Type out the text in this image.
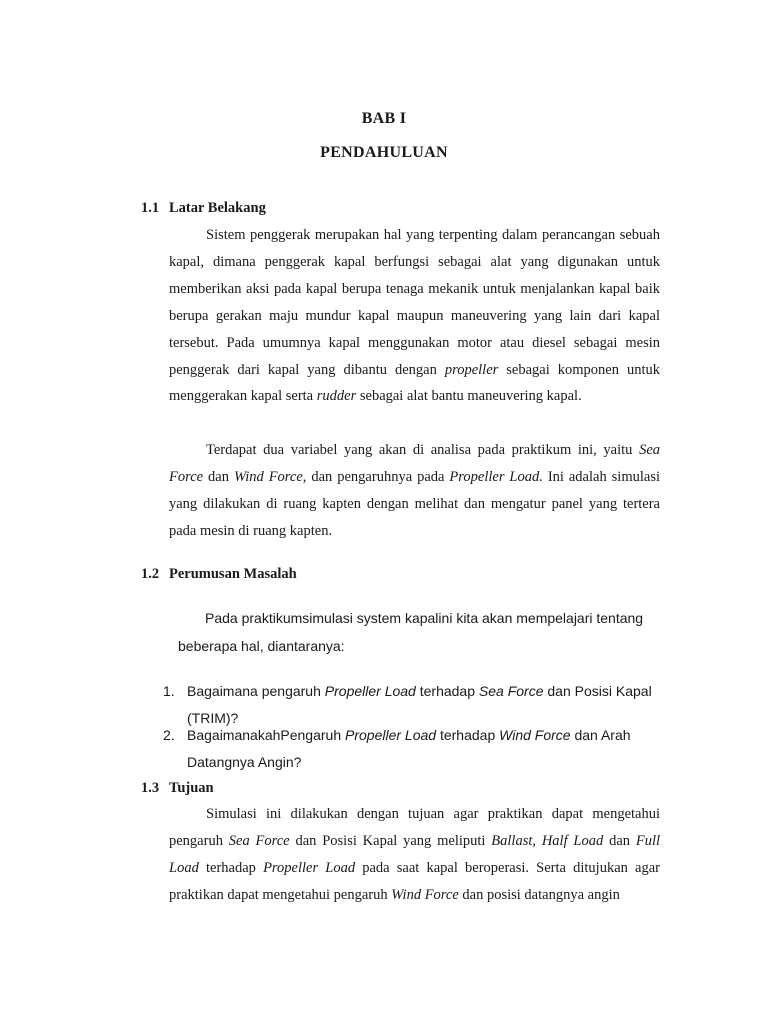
BAB I
PENDAHULUAN
1.1 Latar Belakang

Sistem penggerak merupakan hal yang terpenting dalam perancangan sebuah kapal, dimana penggerak kapal berfungsi sebagai alat yang digunakan untuk memberikan aksi pada kapal berupa tenaga mekanik untuk menjalankan kapal baik berupa gerakan maju mundur kapal maupun maneuvering yang lain dari kapal tersebut. Pada umumnya kapal menggunakan motor atau diesel sebagai mesin penggerak dari kapal yang dibantu dengan propeller sebagai komponen untuk menggerakan kapal serta rudder sebagai alat bantu maneuvering kapal.

Terdapat dua variabel yang akan di analisa pada praktikum ini, yaitu Sea Force dan Wind Force, dan pengaruhnya pada Propeller Load. Ini adalah simulasi yang dilakukan di ruang kapten dengan melihat dan mengatur panel yang tertera pada mesin di ruang kapten.

1.2 Perumusan Masalah
Pada praktikumsimulasi system kapalini kita akan mempelajari tentang
beberapa hal, diantaranya:
1. Bagaimana pengaruh Propeller Load terhadap Sea Force dan Posisi Kapal
(TRIM)?
2. BagaimanakahPengaruh Propeller Load terhadap Wind Force dan Arah
Datangnya Angin?
1.3 Tujuan

Simulasi ini dilakukan dengan tujuan agar praktikan dapat mengetahui pengaruh Sea Force dan Posisi Kapal yang meliputi Ballast, Half Load dan Full Load terhadap Propeller Load pada saat kapal beroperasi. Serta ditujukan agar praktikan dapat mengetahui pengaruh Wind Force dan posisi datangnya angin
